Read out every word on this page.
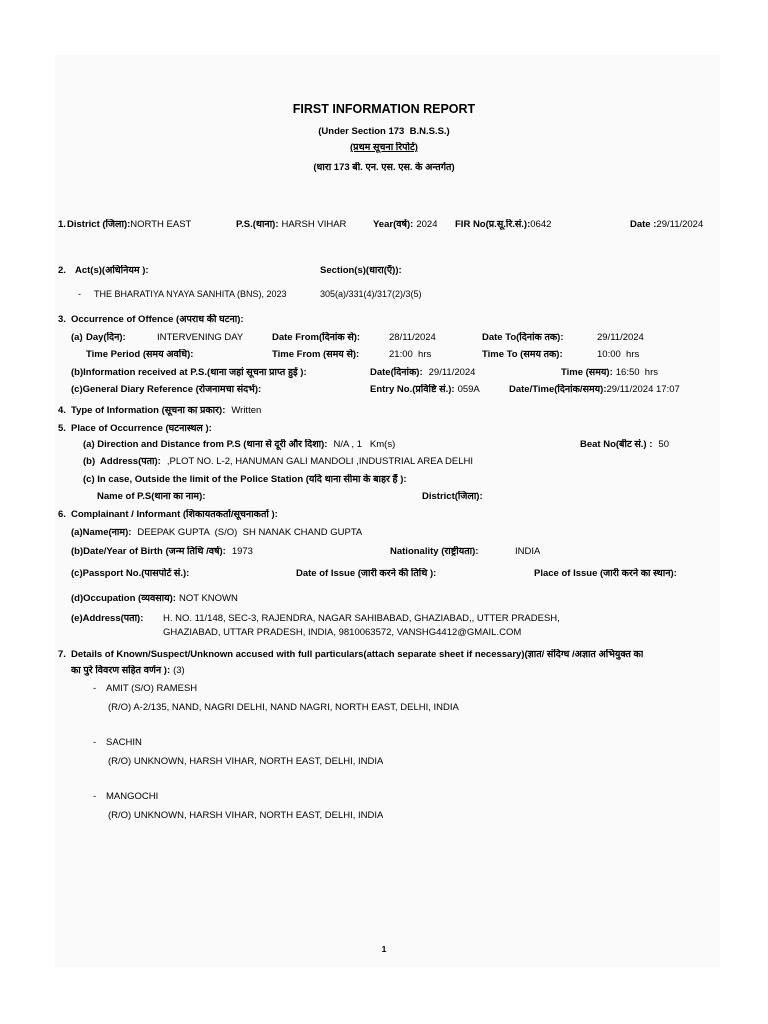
FIRST INFORMATION REPORT
(Under Section 173  B.N.S.S.)
(प्रथम सूचना रिपोर्ट)
(धारा 173 बी. एन. एस. एस. के अन्तर्गत)
1. District (जिला):NORTH EAST	P.S.(थाना): HARSH VIHAR	Year(वर्ष): 2024 FIR No(प्र.सू.रि.सं.):0642	Date :29/11/2024
2. Act(s)(अधिनियम ):	Section(s)(धारा(एँ)):
- THE BHARATIYA NYAYA SANHITA (BNS), 2023	305(a)/331(4)/317(2)/3(5)
3. Occurrence of Offence (अपराध की घटना):
(a) Day(दिन):	INTERVENING DAY	Date From(दिनांक से):	28/11/2024	Date To(दिनांक तक):	29/11/2024
Time Period (समय अवधि):	Time From (समय से):	21:00  hrs	Time To (समय तक):	10:00  hrs
(b)Information received at P.S.(थाना जहां सूचना प्राप्त हुई ):	Date(दिनांक): 29/11/2024	Time (समय): 16:50  hrs
(c)General Diary Reference (रोजनामचा संदर्भ):	Entry No.(प्रविष्टि सं.): 059A	Date/Time(दिनांक/समय):29/11/2024 17:07
4. Type of Information (सूचना का प्रकार): Written
5. Place of Occurrence (घटनास्थल ):
(a) Direction and Distance from P.S (थाना से दूरी और दिशा): N/A , 1   Km(s)	Beat No(बीट सं.) : 50
(b)  Address(पता): ,PLOT NO. L-2, HANUMAN GALI MANDOLI ,INDUSTRIAL AREA DELHI
(c) In case, Outside the limit of the Police Station (यदि थाना सीमा के बाहर हैं ):
Name of P.S(थाना का नाम):	District(जिला):
6. Complainant / Informant (शिकायतकर्ता/सूचनाकर्ता ):
(a)Name(नाम): DEEPAK GUPTA  (S/O)  SH NANAK CHAND GUPTA
(b)Date/Year of Birth (जन्म तिथि /वर्ष): 1973	Nationality (राष्ट्रीयता):	INDIA
(c)Passport No.(पासपोर्ट सं.):	Date of Issue (जारी करने की तिथि ):	Place of Issue (जारी करने का स्थान):
(d)Occupation (व्यवसाय): NOT KNOWN
(e)Address(पता): H. NO. 11/148, SEC-3, RAJENDRA, NAGAR SAHIBABAD, GHAZIABAD,, UTTER PRADESH,
GHAZIABAD, UTTAR PRADESH, INDIA, 9810063572, VANSHG4412@GMAIL.COM
7. Details of Known/Suspect/Unknown accused with full particulars(attach separate sheet if necessary)(ज्ञात/ संदिग्ध /अज्ञात अभियुक्त का
का पुरे विवरण सहित वर्णन ): (3)
- AMIT (S/O) RAMESH
(R/O) A-2/135, NAND, NAGRI DELHI, NAND NAGRI, NORTH EAST, DELHI, INDIA
- SACHIN
(R/O) UNKNOWN, HARSH VIHAR, NORTH EAST, DELHI, INDIA
- MANGOCHI
(R/O) UNKNOWN, HARSH VIHAR, NORTH EAST, DELHI, INDIA
1
